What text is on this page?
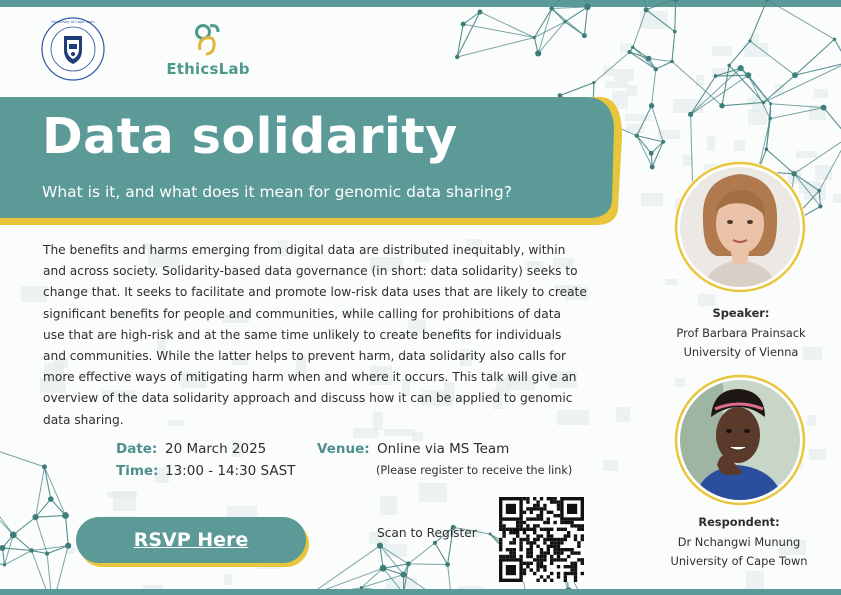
University of Cape Town
EthicsLab
Data solidarity
What is it, and what does it mean for genomic data sharing?
The benefits and harms emerging from digital data are distributed inequitably, within
and across society. Solidarity-based data governance (in short: data solidarity) seeks to
change that. It seeks to facilitate and promote low-risk data uses that are likely to create
significant benefits for people and communities, while calling for prohibitions of data
use that are high-risk and at the same time unlikely to create benefits for individuals
and communities. While the latter helps to prevent harm, data solidarity also calls for
more effective ways of mitigating harm when and where it occurs. This talk will give an
overview of the data solidarity approach and discuss how it can be applied to genomic
data sharing.
Date: 20 March 2025
Time: 13:00 - 14:30 SAST
Venue: Online via MS Team
(Please register to receive the link)
RSVP Here	Scan to Register
Speaker:
Prof Barbara Prainsack
University of Vienna
Respondent:
Dr Nchangwi Munung
University of Cape Town
